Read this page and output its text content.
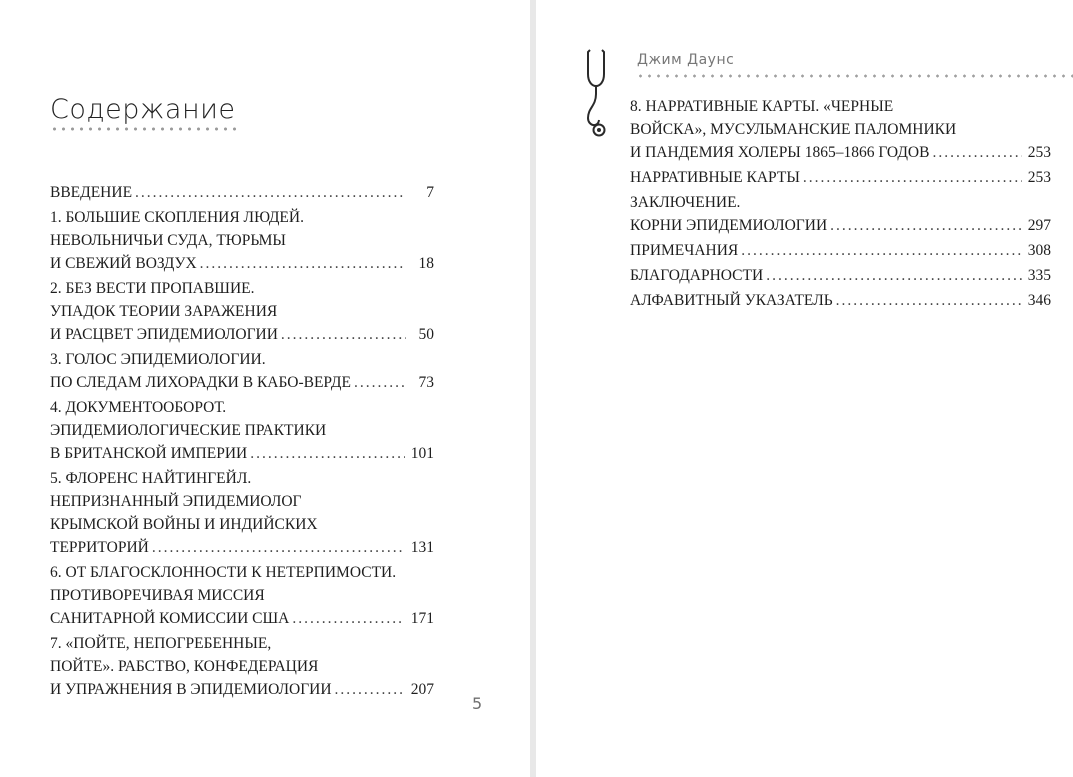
Содержание
ВВЕДЕНИЕ .....	7
1. БОЛЬШИЕ СКОПЛЕНИЯ ЛЮДЕЙ.
НЕВОЛЬНИЧЬИ СУДА, ТЮРЬМЫ
И СВЕЖИЙ ВОЗДУХ .....	18
2. БЕЗ ВЕСТИ ПРОПАВШИЕ.
УПАДОК ТЕОРИИ ЗАРАЖЕНИЯ
И РАСЦВЕТ ЭПИДЕМИОЛОГИИ .....	50
3. ГОЛОС ЭПИДЕМИОЛОГИИ.
ПО СЛЕДАМ ЛИХОРАДКИ В КАБО-ВЕРДЕ .....	73
4. ДОКУМЕНТООБОРОТ.
ЭПИДЕМИОЛОГИЧЕСКИЕ ПРАКТИКИ
В БРИТАНСКОЙ ИМПЕРИИ .....	101
5. ФЛОРЕНС НАЙТИНГЕЙЛ.
НЕПРИЗНАННЫЙ ЭПИДЕМИОЛОГ
КРЫМСКОЙ ВОЙНЫ И ИНДИЙСКИХ
ТЕРРИТОРИЙ .....	131
6. ОТ БЛАГОСКЛОННОСТИ К НЕТЕРПИМОСТИ.
ПРОТИВОРЕЧИВАЯ МИССИЯ
САНИТАРНОЙ КОМИССИИ США .....	171
7. «ПОЙТЕ, НЕПОГРЕБЕННЫЕ,
ПОЙТЕ». РАБСТВО, КОНФЕДЕРАЦИЯ
И УПРАЖНЕНИЯ В ЭПИДЕМИОЛОГИИ .....	207
5
Джим Даунс
8. НАРРАТИВНЫЕ КАРТЫ. «ЧЕРНЫЕ
ВОЙСКА», МУСУЛЬМАНСКИЕ ПАЛОМНИКИ
И ПАНДЕМИЯ ХОЛЕРЫ 1865–1866 ГОДОВ .....	253
НАРРАТИВНЫЕ КАРТЫ .....	253
ЗАКЛЮЧЕНИЕ.
КОРНИ ЭПИДЕМИОЛОГИИ .....	297
ПРИМЕЧАНИЯ .....	308
БЛАГОДАРНОСТИ .....	335
АЛФАВИТНЫЙ УКАЗАТЕЛЬ .....	346
